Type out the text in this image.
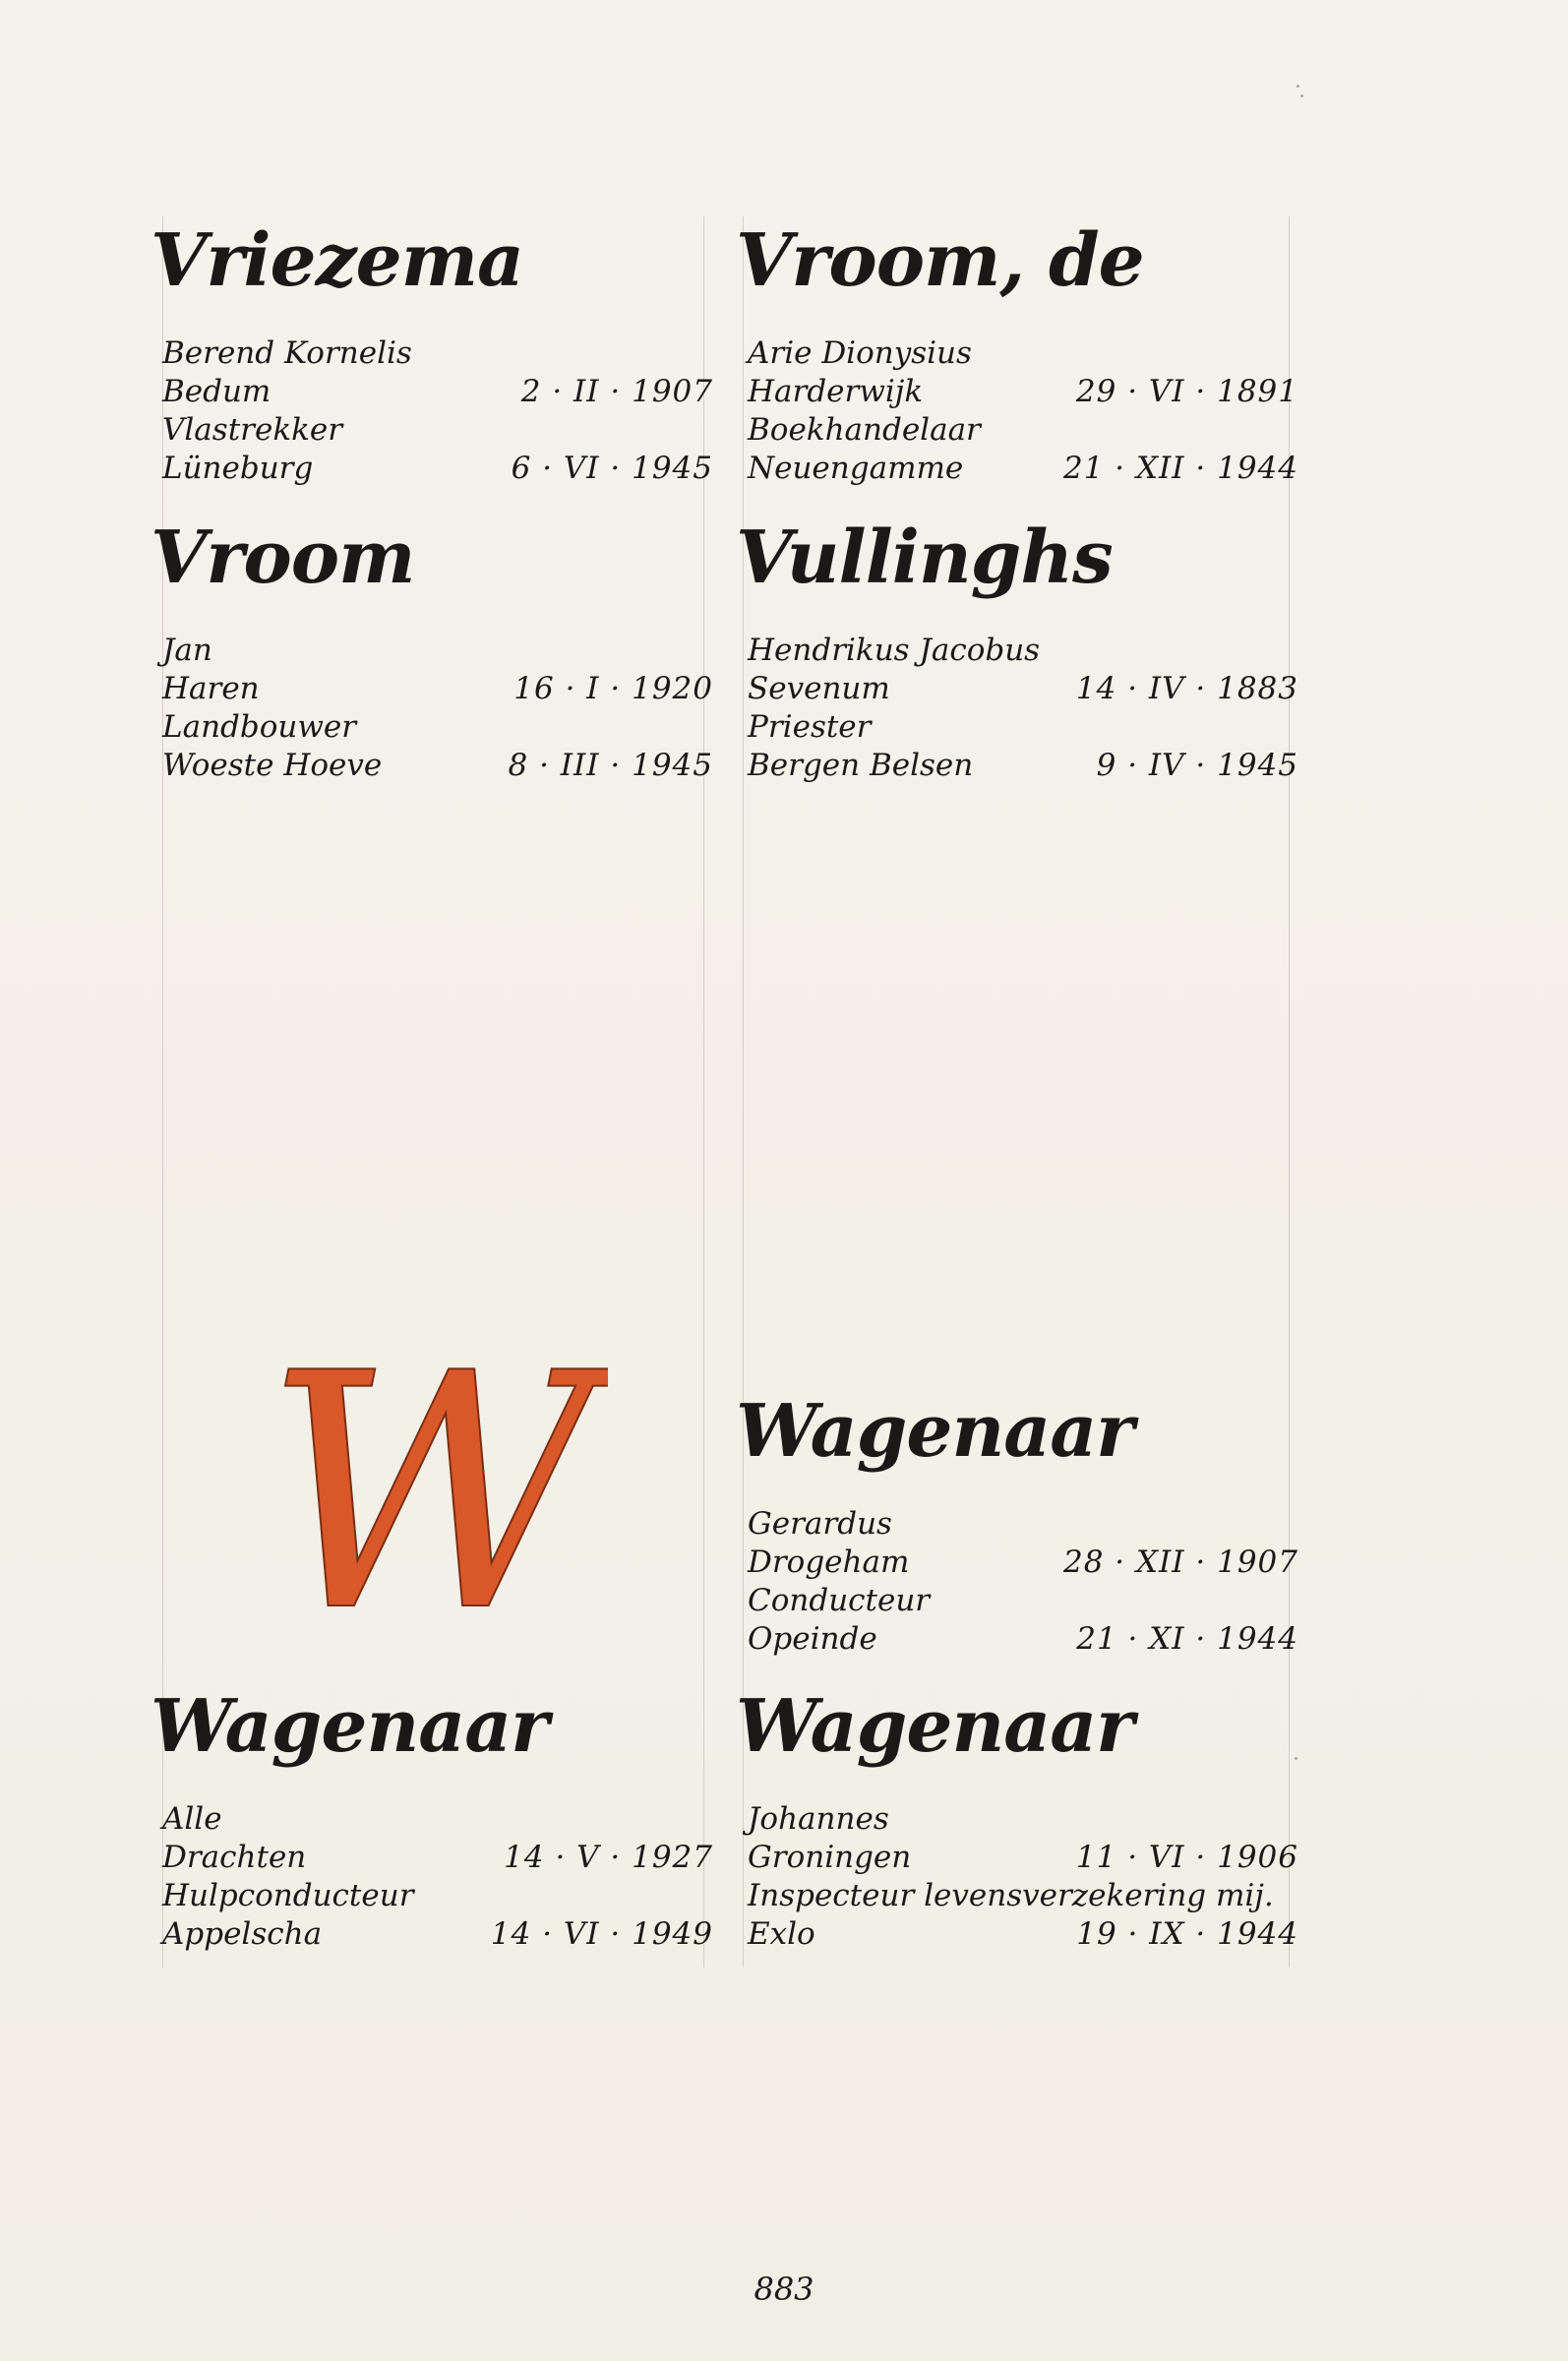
Vriezema
Berend Kornelis
Bedum	2 · II · 1907
Vlastrekker
Lüneburg	6 · VI · 1945
Vroom, de
Arie Dionysius
Harderwijk	29 · VI · 1891
Boekhandelaar
Neuengamme	21 · XII · 1944
Vroom
Jan
Haren	16 · I · 1920
Landbouwer
Woeste Hoeve	8 · III · 1945
Vullinghs
Hendrikus Jacobus
Sevenum	14 · IV · 1883
Priester
Bergen Belsen	9 · IV · 1945
W	Wagenaar
Gerardus
Drogeham	28 · XII · 1907
Conducteur
Opeinde	21 · XI · 1944
Wagenaar
Alle
Drachten	14 · V · 1927
Hulpconducteur
Appelscha	14 · VI · 1949
Wagenaar
Johannes
Groningen	11 · VI · 1906
Inspecteur levensverzekering mij.
Exlo	19 · IX · 1944
883
